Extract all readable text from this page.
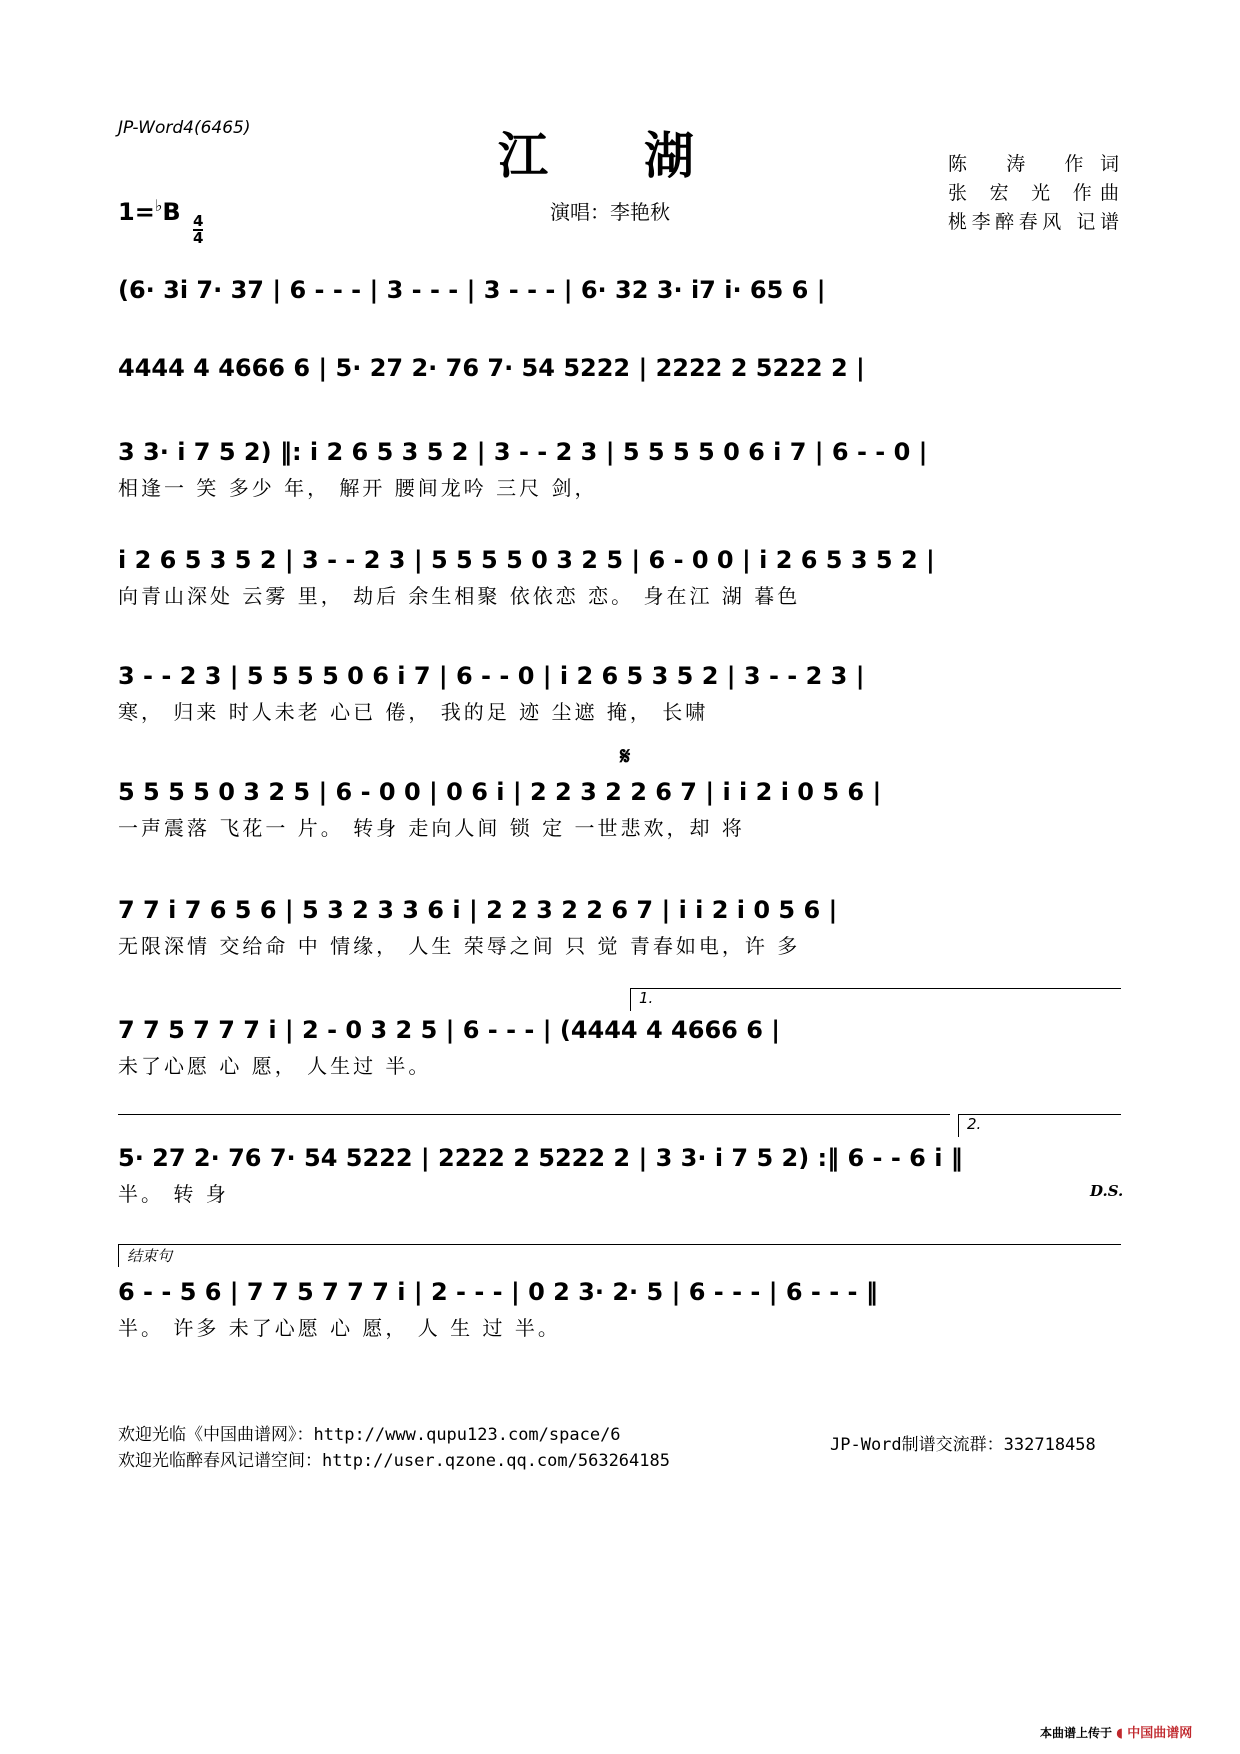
JP-Word4(6465)	江湖	陈 涛 作词
张 宏 光 作曲
桃李醉春风 记谱
1=♭B
$\frac{4}{4}$
演唱：李艳秋
(6· 3i 7· 37 | 6 - - - | 3 - - - | 3 - - - | 6· 32 3· i7 i· 65 6 |
4444 4 4666 6 | 5· 27 2· 76 7· 54 5222 | 2222 2 5222 2 |
3 3· i 7 5 2) ‖: i 2 6 5 3 5 2 | 3 - - 2 3 | 5 5 5 5 0 6 i 7 | 6 - - 0 |
相逢一 笑 多少 年， 解开 腰间龙吟 三尺 剑，
i 2 6 5 3 5 2 | 3 - - 2 3 | 5 5 5 5 0 3 2 5 | 6 - 0 0 | i 2 6 5 3 5 2 |
向青山深处 云雾 里， 劫后 余生相聚 依依恋 恋。 身在江 湖 暮色
3 - - 2 3 | 5 5 5 5 0 6 i 7 | 6 - - 0 | i 2 6 5 3 5 2 | 3 - - 2 3 |
寒， 归来 时人未老 心已 倦， 我的足 迹 尘遮 掩， 长啸
𝄋
5 5 5 5 0 3 2 5 | 6 - 0 0 | 0 6 i | 2 2 3 2 2 6 7 | i i 2 i 0 5 6 |
一声震落 飞花一 片。 转身 走向人间 锁 定 一世悲欢，却 将
7 7 i 7 6 5 6 | 5 3 2 3 3 6 i | 2 2 3 2 2 6 7 | i i 2 i 0 5 6 |
无限深情 交给命 中 情缘， 人生 荣辱之间 只 觉 青春如电，许 多
1.
7 7 5 7 7 7 i | 2 - 0 3 2 5 | 6 - - - | (4444 4 4666 6 |
未了心愿 心 愿， 人生过 半。
2.
5· 27 2· 76 7· 54 5222 | 2222 2 5222 2 | 3 3· i 7 5 2) :‖ 6 - - 6 i ‖
半。 转 身	D.S.
结束句
6 - - 5 6 | 7 7 5 7 7 7 i | 2 - - - | 0 2 3· 2· 5 | 6 - - - | 6 - - - ‖
半。 许多 未了心愿 心 愿， 人 生 过 半。
欢迎光临《中国曲谱网》：http://www.qupu123.com/space/6
欢迎光临醉春风记谱空间：http://user.qzone.qq.com/563264185
JP-Word制谱交流群：332718458
本曲谱上传于 ◖ 中国曲谱网
